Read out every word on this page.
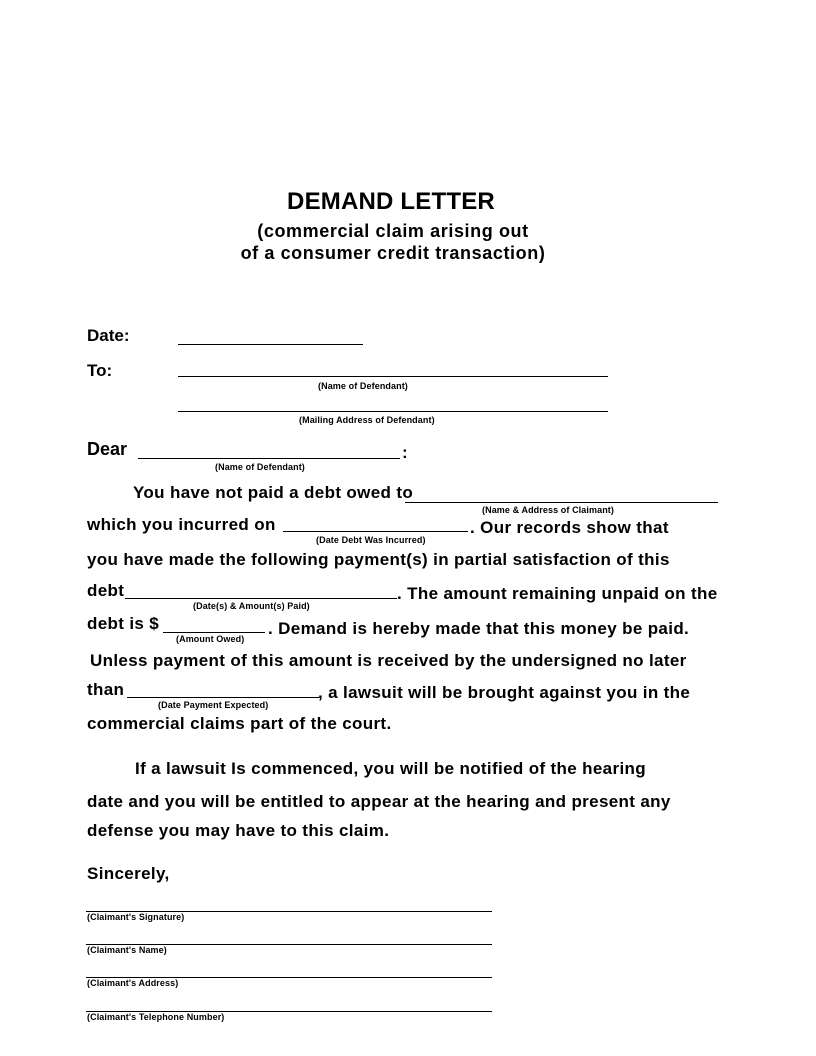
DEMAND LETTER
(commercial claim arising out
of a consumer credit transaction)
Date:
To:
(Name of Defendant)
(Mailing Address of Defendant)
Dear	:
(Name of Defendant)
You have not paid a debt owed to
(Name & Address of Claimant)
which you incurred on	. Our records show that
(Date Debt Was Incurred)
you have made the following payment(s) in partial satisfaction of this
debt	. The amount remaining unpaid on the
(Date(s) & Amount(s) Paid)
debt is $	. Demand is hereby made that this money be paid.
(Amount Owed)
Unless payment of this amount is received by the undersigned no later
than	, a lawsuit will be brought against you in the
(Date Payment Expected)
commercial claims part of the court.
If a lawsuit Is commenced, you will be notified of the hearing
date and you will be entitled to appear at the hearing and present any
defense you may have to this claim.
Sincerely,
(Claimant's Signature)
(Claimant's Name)
(Claimant's Address)
(Claimant's Telephone Number)
